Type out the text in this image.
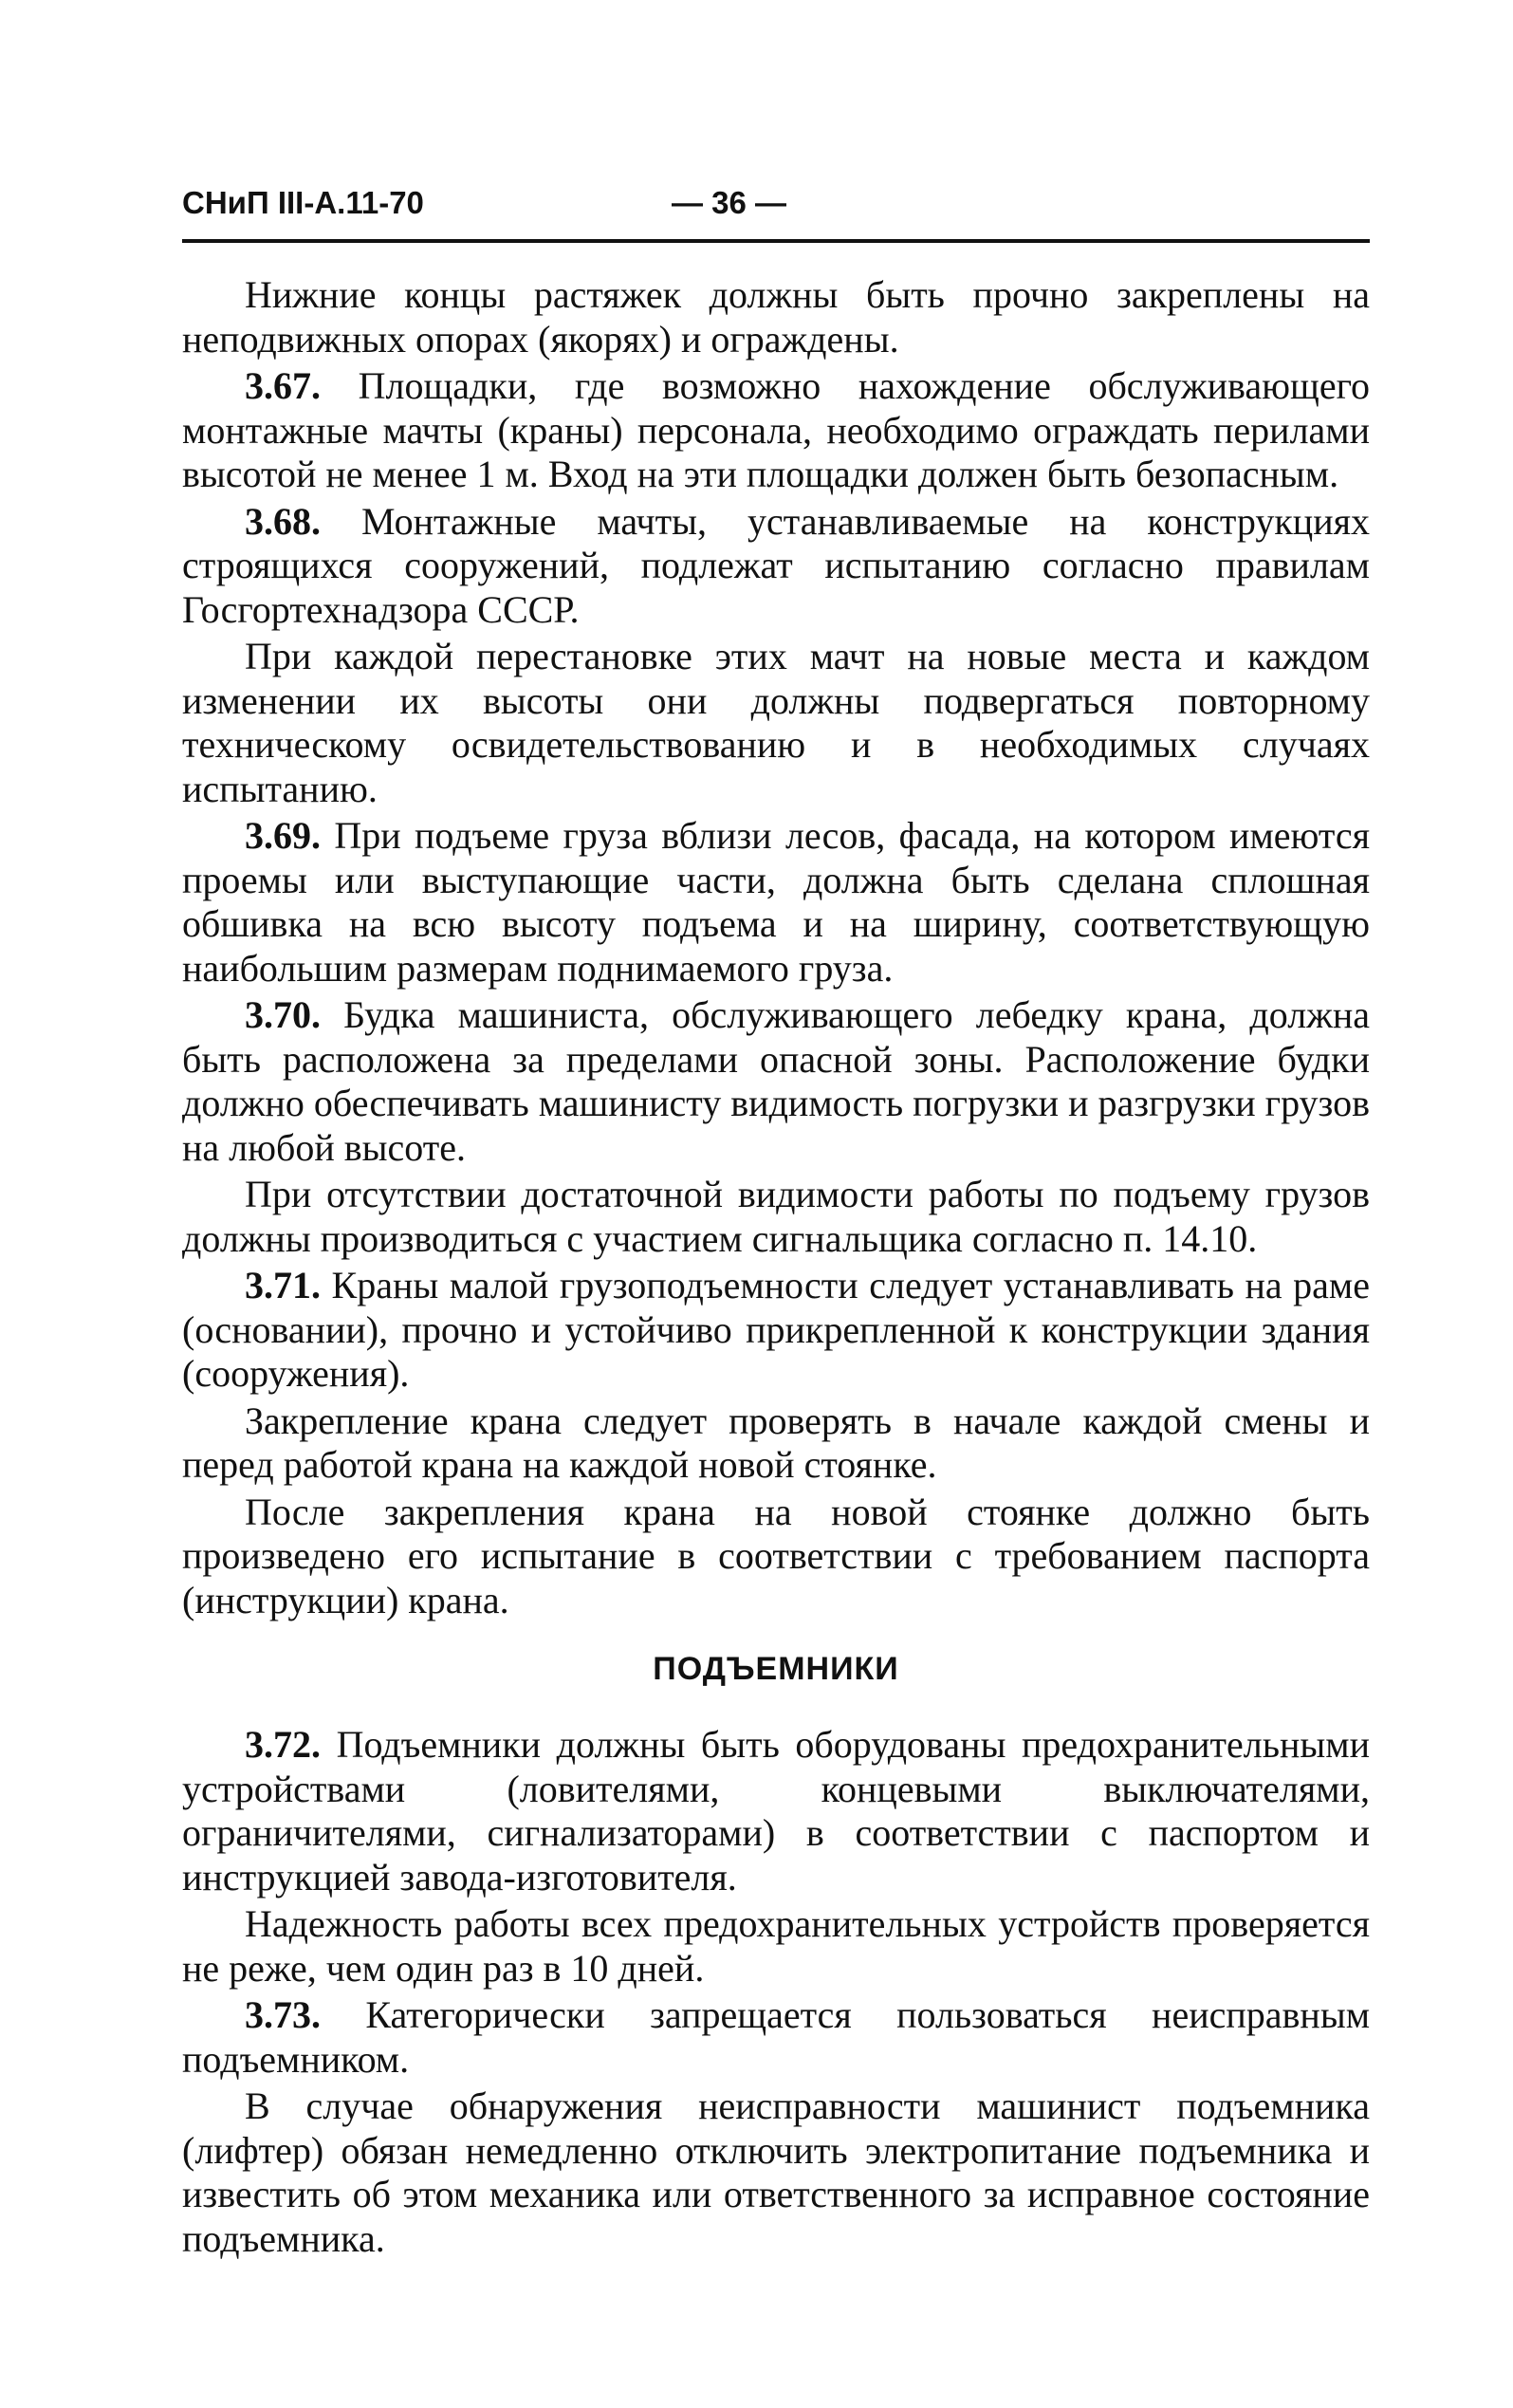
СНиП III-А.11-70	— 36 —

Нижние концы растяжек должны быть прочно закреплены на неподвижных опорах (якорях) и ограждены.

3.67. Площадки, где возможно нахождение обслуживающего монтажные мачты (краны) персонала, необходимо ограждать перилами высотой не менее 1 м. Вход на эти площадки должен быть безопасным.

3.68. Монтажные мачты, устанавливаемые на конструкциях строящихся сооружений, подлежат испытанию согласно правилам Госгортехнадзора СССР.

При каждой перестановке этих мачт на новые места и каждом изменении их высоты они должны подвергаться повторному техническому освидетельствованию и в необходимых случаях испытанию.

3.69. При подъеме груза вблизи лесов, фасада, на котором имеются проемы или выступающие части, должна быть сделана сплошная обшивка на всю высоту подъема и на ширину, соответствующую наибольшим размерам поднимаемого груза.

3.70. Будка машиниста, обслуживающего лебедку крана, должна быть расположена за пределами опасной зоны. Расположение будки должно обеспечивать машинисту видимость погрузки и разгрузки грузов на любой высоте.

При отсутствии достаточной видимости работы по подъему грузов должны производиться с участием сигнальщика согласно п. 14.10.

3.71. Краны малой грузоподъемности следует устанавливать на раме (основании), прочно и устойчиво прикрепленной к конструкции здания (сооружения).

Закрепление крана следует проверять в начале каждой смены и перед работой крана на каждой новой стоянке.

После закрепления крана на новой стоянке должно быть произведено его испытание в соответствии с требованием паспорта (инструкции) крана.

ПОДЪЕМНИКИ

3.72. Подъемники должны быть оборудованы предохранительными устройствами (ловителями, концевыми выключателями, ограничителями, сигнализаторами) в соответствии с паспортом и инструкцией завода-изготовителя.

Надежность работы всех предохранительных устройств проверяется не реже, чем один раз в 10 дней.

3.73. Категорически запрещается пользоваться неисправным подъемником.

В случае обнаружения неисправности машинист подъемника (лифтер) обязан немедленно отключить электропитание подъемника и известить об этом механика или ответственного за исправное состояние подъемника.
